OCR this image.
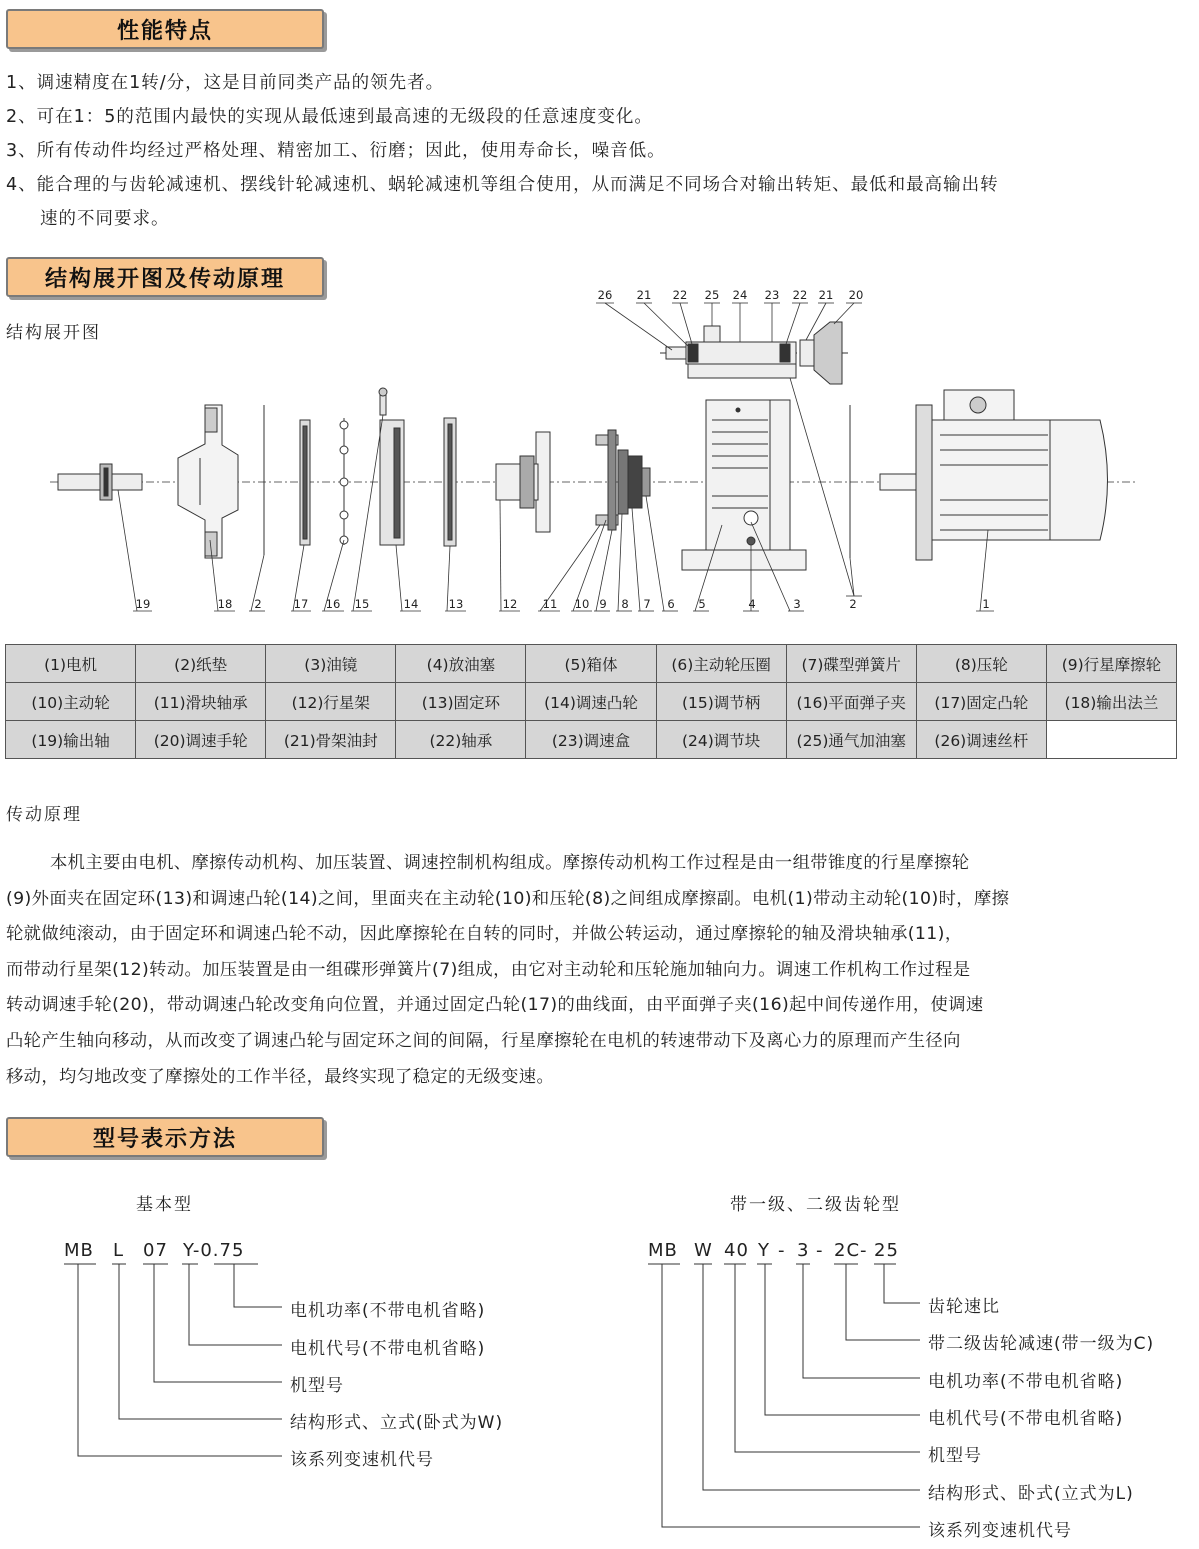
性能特点
1、调速精度在1转/分，这是目前同类产品的领先者。
2、可在1：5的范围内最快的实现从最低速到最高速的无级段的任意速度变化。
3、所有传动件均经过严格处理、精密加工、衍磨；因此，使用寿命长，噪音低。
4、能合理的与齿轮减速机、摆线针轮减速机、蜗轮减速机等组合使用，从而满足不同场合对输出转矩、最低和最高输出转
速的不同要求。
结构展开图及传动原理
结构展开图
26 21 22 25 24 23 22 21 20
19	18 2	17 16 15	14	13	12 11 10 9 8 7 6 5	4	3	2	1
(1)电机	(2)纸垫	(3)油镜	(4)放油塞	(5)箱体	(6)主动轮压圈	(7)碟型弹簧片	(8)压轮	(9)行星摩擦轮
(10)主动轮	(11)滑块轴承	(12)行星架	(13)固定环	(14)调速凸轮	(15)调节柄	(16)平面弹子夹	(17)固定凸轮	(18)输出法兰
(19)输出轴	(20)调速手轮	(21)骨架油封	(22)轴承	(23)调速盒	(24)调节块	(25)通气加油塞	(26)调速丝杆	
传动原理
本机主要由电机、摩擦传动机构、加压装置、调速控制机构组成。摩擦传动机构工作过程是由一组带锥度的行星摩擦轮
(9)外面夹在固定环(13)和调速凸轮(14)之间，里面夹在主动轮(10)和压轮(8)之间组成摩擦副。电机(1)带动主动轮(10)时，摩擦
轮就做纯滚动，由于固定环和调速凸轮不动，因此摩擦轮在自转的同时，并做公转运动，通过摩擦轮的轴及滑块轴承(11)，
而带动行星架(12)转动。加压装置是由一组碟形弹簧片(7)组成，由它对主动轮和压轮施加轴向力。调速工作机构工作过程是
转动调速手轮(20)，带动调速凸轮改变角向位置，并通过固定凸轮(17)的曲线面，由平面弹子夹(16)起中间传递作用，使调速
凸轮产生轴向移动，从而改变了调速凸轮与固定环之间的间隔，行星摩擦轮在电机的转速带动下及离心力的原理而产生径向
移动，均匀地改变了摩擦处的工作半径，最终实现了稳定的无级变速。
型号表示方法
基本型	带一级、二级齿轮型
MB L 07 Y-0.75	MB W 40 Y - 3 - 2C - 25
电机功率(不带电机省略)
电机代号(不带电机省略)
机型号
结构形式、立式(卧式为W)
该系列变速机代号
齿轮速比
带二级齿轮减速(带一级为C)
电机功率(不带电机省略)
电机代号(不带电机省略)
机型号
结构形式、卧式(立式为L)
该系列变速机代号
